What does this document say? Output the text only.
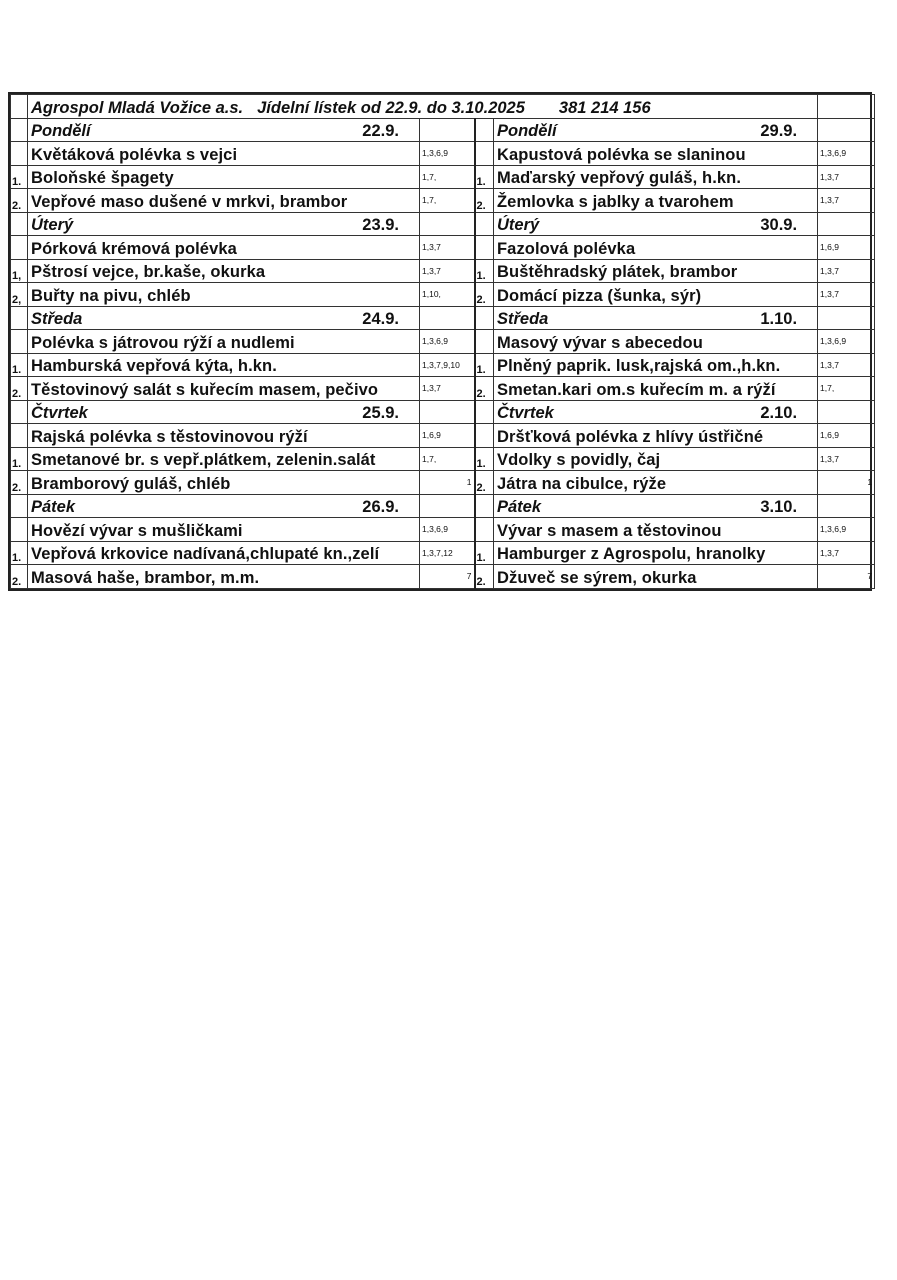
	Agrospol Mladá Vožice a.s. Jídelní lístek od 22.9. do 3.10.2025 381 214 156				

	Pondělí 22.9.			Pondělí 29.9.	

	Květáková polévka s vejci	1,3,6,9		Kapustová polévka se slaninou	1,3,6,9
1.	Boloňské špagety	1,7,	1.	Maďarský vepřový guláš, h.kn.	1,3,7
2.	Vepřové maso dušené v mrkvi, brambor	1,7,	2.	Žemlovka s jablky a tvarohem	1,3,7

	Úterý 23.9.			Úterý 30.9.	

	Pórková krémová polévka	1,3,7		Fazolová polévka	1,6,9
1,	Pštrosí vejce, br.kaše, okurka	1,3,7	1.	Buštěhradský plátek, brambor	1,3,7
2,	Buřty na pivu, chléb	1,10,	2.	Domácí pizza (šunka, sýr)	1,3,7

	Středa 24.9.			Středa 1.10.	

	Polévka s játrovou rýží a nudlemi	1,3,6,9		Masový vývar s abecedou	1,3,6,9
1.	Hamburská vepřová kýta, h.kn.	1,3,7,9,10	1.	Plněný paprik. lusk,rajská om.,h.kn.	1,3,7
2.	Těstovinový salát s kuřecím masem, pečivo	1,3,7	2.	Smetan.kari om.s kuřecím m. a rýží	1,7,

	Čtvrtek 25.9.			Čtvrtek 2.10.	

	Rajská polévka s těstovinovou rýží	1,6,9		Dršťková polévka z hlívy ústřičné	1,6,9
1.	Smetanové br. s vepř.plátkem, zelenin.salát	1,7,	1.	Vdolky s povidly, čaj	1,3,7
2.	Bramborový guláš, chléb	1	2.	Játra na cibulce, rýže	1

	Pátek 26.9.			Pátek 3.10.	

	Hovězí vývar s mušličkami	1,3,6,9		Vývar s masem a těstovinou	1,3,6,9
1.	Vepřová krkovice nadívaná,chlupaté kn.,zelí	1,3,7,12	1.	Hamburger z Agrospolu, hranolky	1,3,7
2.	Masová haše, brambor, m.m.	7	2.	Džuveč se sýrem, okurka	7
